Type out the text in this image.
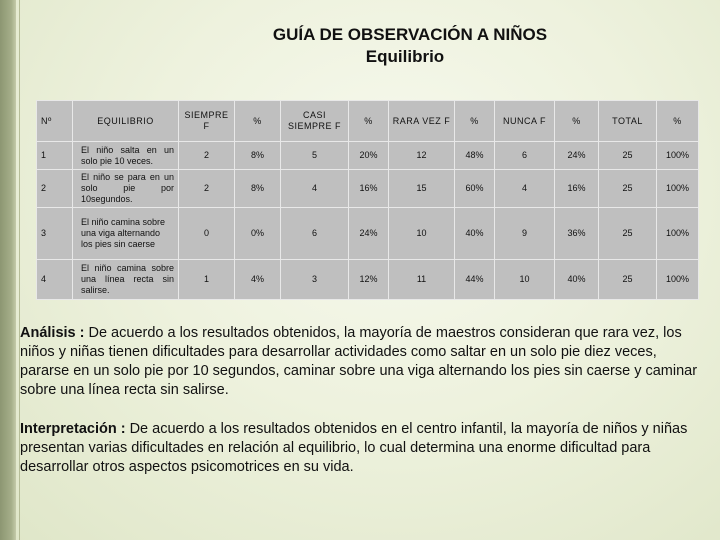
GUÍA DE OBSERVACIÓN A NIÑOS
Equilibrio
Nº	EQUILIBRIO	SIEMPRE F	%	CASI SIEMPRE F	%	RARA VEZ F	%	NUNCA F	%	TOTAL	%
1	El niño salta en un solo pie 10 veces.	2	8%	5	20%	12	48%	6	24%	25	100%
2	El niño se para en un solo pie por 10segundos.	2	8%	4	16%	15	60%	4	16%	25	100%
3	El niño camina sobre una viga alternando los pies sin caerse	0	0%	6	24%	10	40%	9	36%	25	100%
4	El niño camina sobre una línea recta sin salirse.	1	4%	3	12%	11	44%	10	40%	25	100%
Análisis : De acuerdo a los resultados obtenidos, la mayoría de maestros consideran que rara vez, los niños y niñas tienen dificultades para desarrollar actividades como saltar en un solo pie diez veces, pararse en un solo pie por 10 segundos, caminar sobre una viga alternando los pies sin caerse y caminar sobre una línea recta sin salirse.
Interpretación : De acuerdo a los resultados obtenidos en el centro infantil, la mayoría de niños y niñas presentan varias dificultades en relación al equilibrio, lo cual determina una enorme dificultad para desarrollar otros aspectos psicomotrices en su vida.
